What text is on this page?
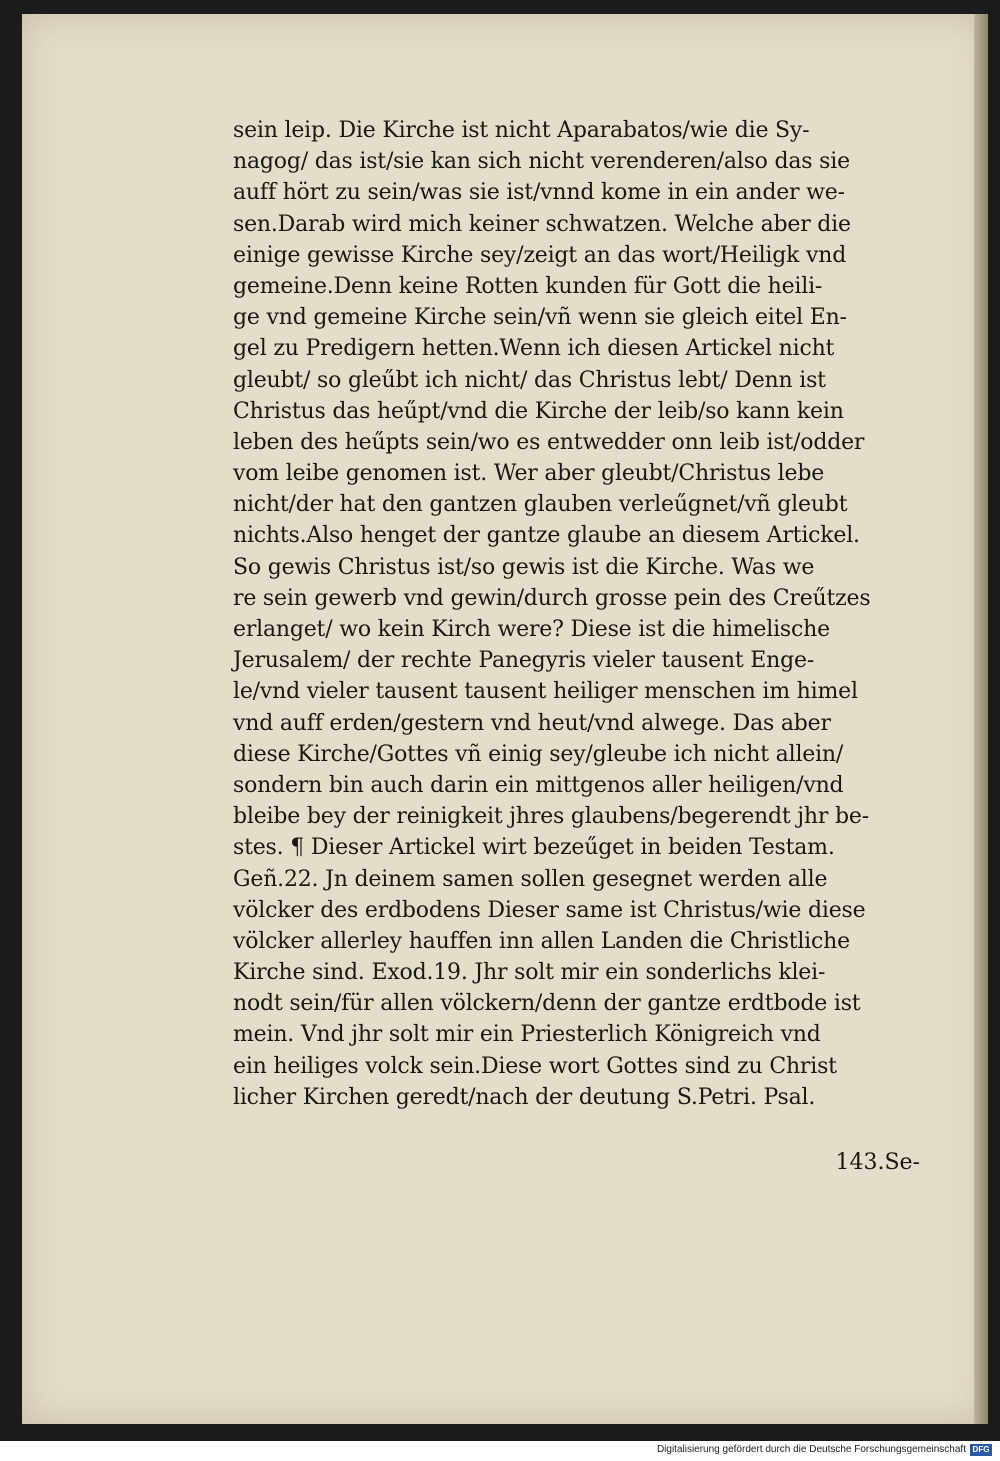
sein leip. Die Kirche ist nicht Aparabatos/wie die Sy-
nagog/ das ist/sie kan sich nicht verenderen/also das sie
auff hört zu sein/was sie ist/vnnd kome in ein ander we-
sen.Darab wird mich keiner schwatzen. Welche aber die
einige gewisse Kirche sey/zeigt an das wort/Heiligk vnd
gemeine.Denn keine Rotten kunden für Gott die heili-
ge vnd gemeine Kirche sein/vñ wenn sie gleich eitel En-
gel zu Predigern hetten.Wenn ich diesen Artickel nicht
gleubt/ so gleűbt ich nicht/ das Christus lebt/ Denn ist
Christus das heűpt/vnd die Kirche der leib/so kann kein
leben des heűpts sein/wo es entwedder onn leib ist/odder
vom leibe genomen ist. Wer aber gleubt/Christus lebe
nicht/der hat den gantzen glauben verleűgnet/vñ gleubt
nichts.Also henget der gantze glaube an diesem Artickel.
So gewis Christus ist/so gewis ist die Kirche. Was we
re sein gewerb vnd gewin/durch grosse pein des Creűtzes
erlanget/ wo kein Kirch were? Diese ist die himelische
Jerusalem/ der rechte Panegyris vieler tausent Enge-
le/vnd vieler tausent tausent heiliger menschen im himel
vnd auff erden/gestern vnd heut/vnd alwege. Das aber
diese Kirche/Gottes vñ einig sey/gleube ich nicht allein/
sondern bin auch darin ein mittgenos aller heiligen/vnd
bleibe bey der reinigkeit jhres glaubens/begerendt jhr be-
stes. ¶ Dieser Artickel wirt bezeűget in beiden Testam.
Geñ.22. Jn deinem samen sollen gesegnet werden alle
völcker des erdbodens Dieser same ist Christus/wie diese
völcker allerley hauffen inn allen Landen die Christliche
Kirche sind. Exod.19. Jhr solt mir ein sonderlichs klei-
nodt sein/für allen völckern/denn der gantze erdtbode ist
mein. Vnd jhr solt mir ein Priesterlich Königreich vnd
ein heiliges volck sein.Diese wort Gottes sind zu Christ
licher Kirchen geredt/nach der deutung S.Petri. Psal.
143.Se-
Digitalisierung gefördert durch die Deutsche Forschungsgemeinschaft DFG
